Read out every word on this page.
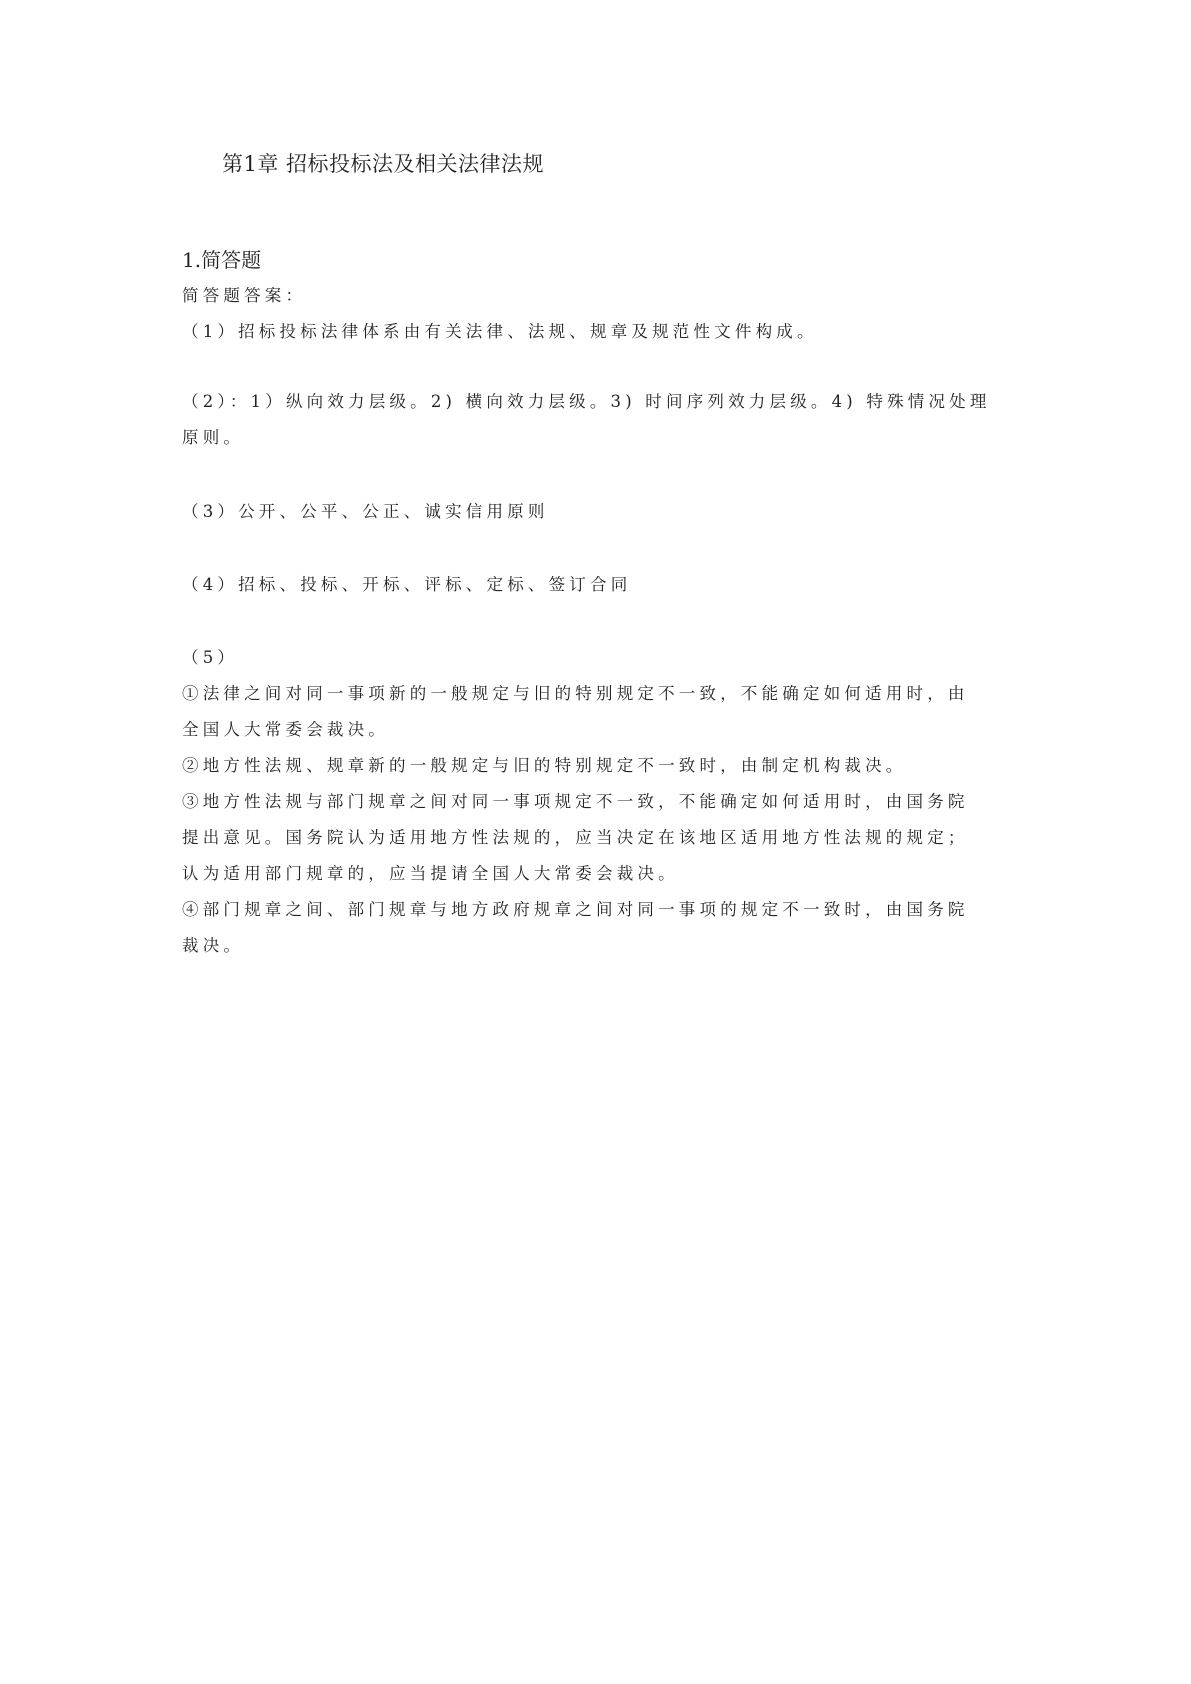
第1章 招标投标法及相关法律法规
1.简答题
简答题答案：
（1）招标投标法律体系由有关法律、法规、规章及规范性文件构成。
（2）：1）纵向效力层级。2) 横向效力层级。3) 时间序列效力层级。4) 特殊情况处理
原则。
（3）公开、公平、公正、诚实信用原则
（4）招标、投标、开标、评标、定标、签订合同
（5）
①法律之间对同一事项新的一般规定与旧的特别规定不一致，不能确定如何适用时，由
全国人大常委会裁决。
②地方性法规、规章新的一般规定与旧的特别规定不一致时，由制定机构裁决。
③地方性法规与部门规章之间对同一事项规定不一致，不能确定如何适用时，由国务院
提出意见。国务院认为适用地方性法规的，应当决定在该地区适用地方性法规的规定；
认为适用部门规章的，应当提请全国人大常委会裁决。
④部门规章之间、部门规章与地方政府规章之间对同一事项的规定不一致时，由国务院
裁决。
